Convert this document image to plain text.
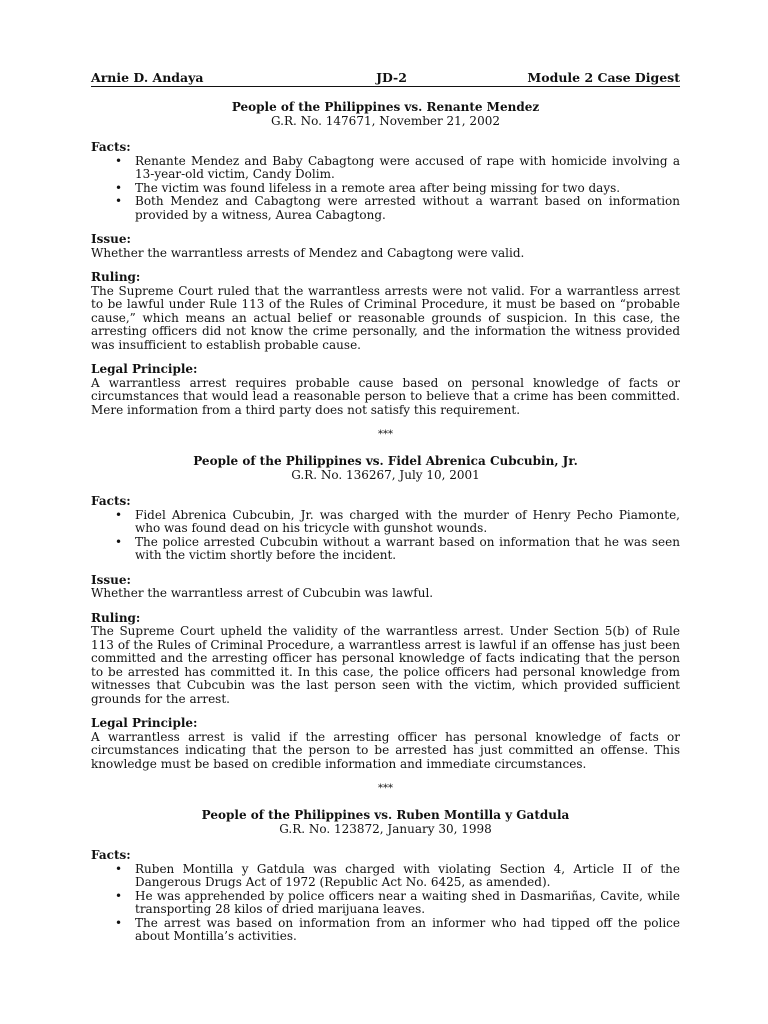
Arnie D. Andaya	JD-2	Module 2 Case Digest
People of the Philippines vs. Renante Mendez
G.R. No. 147671, November 21, 2002
Facts:
• Renante Mendez and Baby Cabagtong were accused of rape with homicide involving a 13-year-old victim, Candy Dolim.
• The victim was found lifeless in a remote area after being missing for two days.
• Both Mendez and Cabagtong were arrested without a warrant based on information provided by a witness, Aurea Cabagtong.
Issue:

Whether the warrantless arrests of Mendez and Cabagtong were valid.

Ruling:

The Supreme Court ruled that the warrantless arrests were not valid. For a warrantless arrest to be lawful under Rule 113 of the Rules of Criminal Procedure, it must be based on “probable cause,” which means an actual belief or reasonable grounds of suspicion. In this case, the arresting officers did not know the crime personally, and the information the witness provided was insufficient to establish probable cause.

Legal Principle:

A warrantless arrest requires probable cause based on personal knowledge of facts or circumstances that would lead a reasonable person to believe that a crime has been committed. Mere information from a third party does not satisfy this requirement.

***
People of the Philippines vs. Fidel Abrenica Cubcubin, Jr.
G.R. No. 136267, July 10, 2001
Facts:
• Fidel Abrenica Cubcubin, Jr. was charged with the murder of Henry Pecho Piamonte, who was found dead on his tricycle with gunshot wounds.
• The police arrested Cubcubin without a warrant based on information that he was seen with the victim shortly before the incident.
Issue:

Whether the warrantless arrest of Cubcubin was lawful.

Ruling:

The Supreme Court upheld the validity of the warrantless arrest. Under Section 5(b) of Rule 113 of the Rules of Criminal Procedure, a warrantless arrest is lawful if an offense has just been committed and the arresting officer has personal knowledge of facts indicating that the person to be arrested has committed it. In this case, the police officers had personal knowledge from witnesses that Cubcubin was the last person seen with the victim, which provided sufficient grounds for the arrest.

Legal Principle:

A warrantless arrest is valid if the arresting officer has personal knowledge of facts or circumstances indicating that the person to be arrested has just committed an offense. This knowledge must be based on credible information and immediate circumstances.

***
People of the Philippines vs. Ruben Montilla y Gatdula
G.R. No. 123872, January 30, 1998
Facts:
• Ruben Montilla y Gatdula was charged with violating Section 4, Article II of the Dangerous Drugs Act of 1972 (Republic Act No. 6425, as amended).
• He was apprehended by police officers near a waiting shed in Dasmariñas, Cavite, while transporting 28 kilos of dried marijuana leaves.
• The arrest was based on information from an informer who had tipped off the police about Montilla’s activities.
